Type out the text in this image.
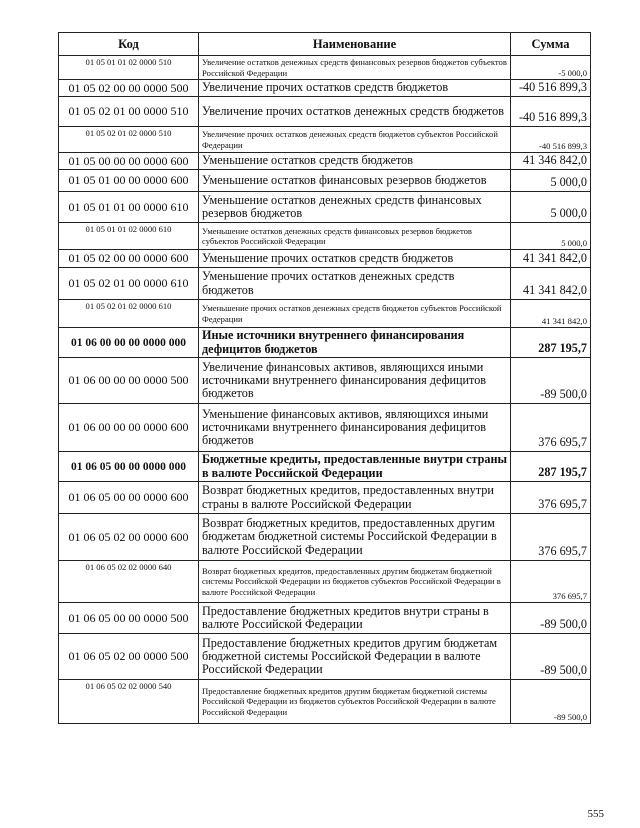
Код	Наименование	Сумма
01 05 01 01 02 0000 510	Увеличение остатков денежных средств финансовых резервов бюджетов субъектов Российской Федерации	-5 000,0
01 05 02 00 00 0000 500	Увеличение прочих остатков средств бюджетов	-40 516 899,3
01 05 02 01 00 0000 510	Увеличение прочих остатков денежных средств бюджетов	-40 516 899,3
01 05 02 01 02 0000 510	Увеличение прочих остатков денежных средств бюджетов субъектов Российской Федерации	-40 516 899,3
01 05 00 00 00 0000 600	Уменьшение остатков средств бюджетов	41 346 842,0
01 05 01 00 00 0000 600	Уменьшение остатков финансовых резервов бюджетов	5 000,0
01 05 01 01 00 0000 610	Уменьшение остатков денежных средств финансовых резервов бюджетов	5 000,0
01 05 01 01 02 0000 610	Уменьшение остатков денежных средств финансовых резервов бюджетов субъектов Российской Федерации	5 000,0
01 05 02 00 00 0000 600	Уменьшение прочих остатков средств бюджетов	41 341 842,0
01 05 02 01 00 0000 610	Уменьшение прочих остатков денежных средств бюджетов	41 341 842,0
01 05 02 01 02 0000 610	Уменьшение прочих остатков денежных средств бюджетов субъектов Российской Федерации	41 341 842,0
01 06 00 00 00 0000 000	Иные источники внутреннего финансирования дефицитов бюджетов	287 195,7
01 06 00 00 00 0000 500	Увеличение финансовых активов, являющихся иными источниками внутреннего финансирования дефицитов бюджетов	-89 500,0
01 06 00 00 00 0000 600	Уменьшение финансовых активов, являющихся иными источниками внутреннего финансирования дефицитов бюджетов	376 695,7
01 06 05 00 00 0000 000	Бюджетные кредиты, предоставленные внутри страны в валюте Российской Федерации	287 195,7
01 06 05 00 00 0000 600	Возврат бюджетных кредитов, предоставленных внутри страны в валюте Российской Федерации	376 695,7
01 06 05 02 00 0000 600	Возврат бюджетных кредитов, предоставленных другим бюджетам бюджетной системы Российской Федерации в валюте Российской Федерации	376 695,7
01 06 05 02 02 0000 640	Возврат бюджетных кредитов, предоставленных другим бюджетам бюджетной системы Российской Федерации из бюджетов субъектов Российской Федерации в валюте Российской Федерации	376 695,7
01 06 05 00 00 0000 500	Предоставление бюджетных кредитов внутри страны в валюте Российской Федерации	-89 500,0
01 06 05 02 00 0000 500	Предоставление бюджетных кредитов другим бюджетам бюджетной системы Российской Федерации в валюте Российской Федерации	-89 500,0
01 06 05 02 02 0000 540	Предоставление бюджетных кредитов другим бюджетам бюджетной системы Российской Федерации из бюджетов субъектов Российской Федерации в валюте Российской Федерации	-89 500,0
555
